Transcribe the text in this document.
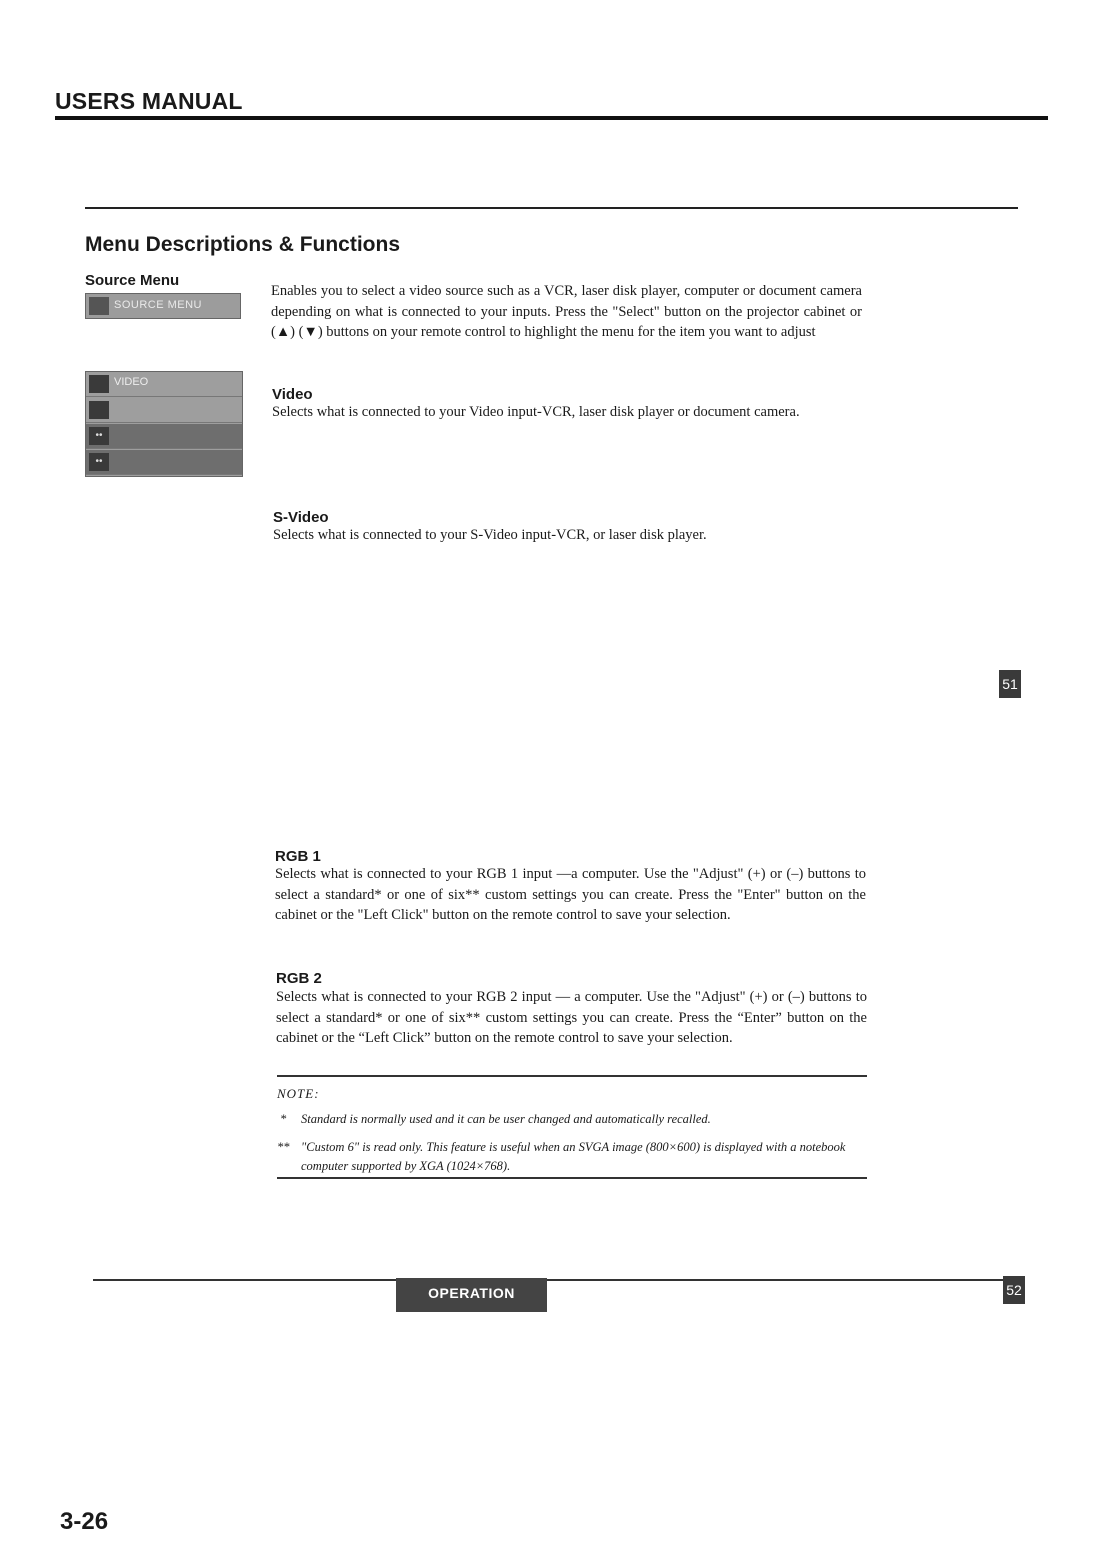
USERS MANUAL
Menu Descriptions & Functions
Source Menu
SOURCE MENU
VIDEO
••
••
Enables you to select a video source such as a VCR, laser disk player, computer or document camera depending on what is connected to your inputs. Press the "Select" button on the projector cabinet or (▲) (▼) buttons on your remote control to highlight the menu for the item you want to adjust
Video
Selects what is connected to your Video input-VCR, laser disk player or document camera.
S-Video
Selects what is connected to your S-Video input-VCR, or laser disk player.
51
RGB 1
Selects what is connected to your RGB 1 input —a computer. Use the "Adjust" (+) or (–) buttons to select a standard* or one of six** custom settings you can create. Press the "Enter" button on the cabinet or the "Left Click" button on the remote control to save your selection.
RGB 2
Selects what is connected to your RGB 2 input — a computer. Use the "Adjust" (+) or (–) buttons to select a standard* or one of six** custom settings you can create. Press the “Enter” button on the cabinet or the “Left Click” button on the remote control to save your selection.
NOTE:
* Standard is normally used and it can be user changed and automatically recalled.
** "Custom 6" is read only. This feature is useful when an SVGA image (800×600) is displayed with a notebook computer supported by XGA (1024×768).
OPERATION	52
3-26
